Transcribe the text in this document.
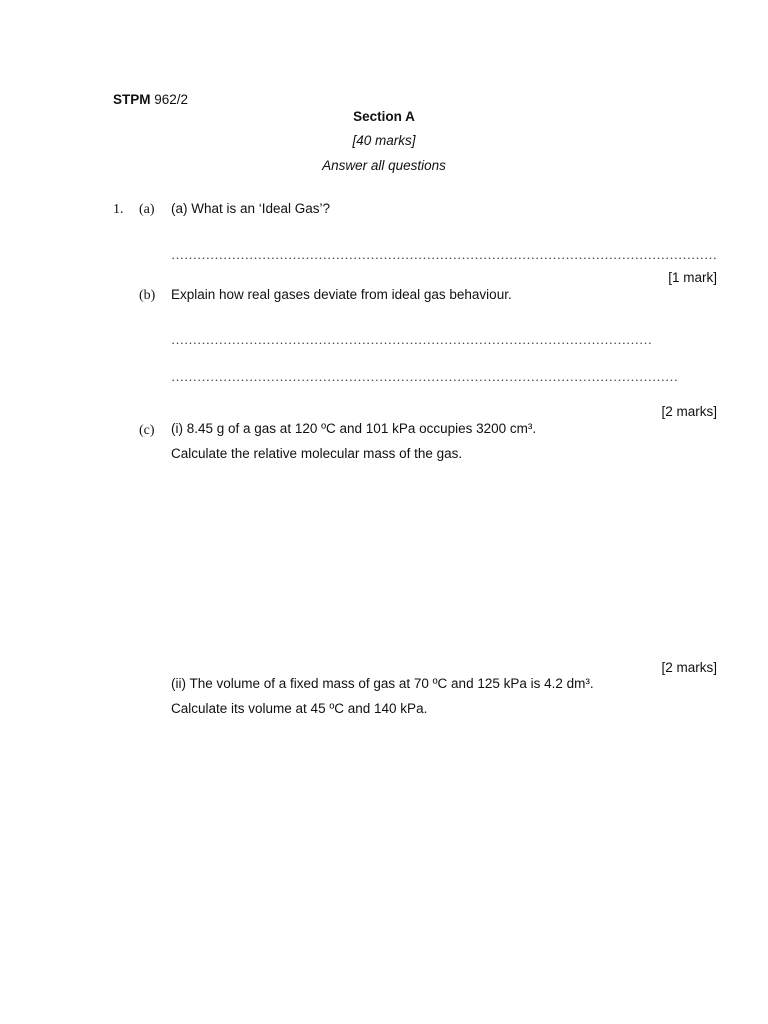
STPM 962/2
Section A
[40 marks]
Answer all questions
1. (a) (a) What is an ‘Ideal Gas’?
………………………………………………………………………………………………………………
[1 mark]
(b) Explain how real gases deviate from ideal gas behaviour.
…………………………………………………………………………………………………
………………………………………………………………………………………………………
[2 marks]
(c) (i) 8.45 g of a gas at 120 ºC and 101 kPa occupies 3200 cm³.
Calculate the relative molecular mass of the gas.
[2 marks]
(ii) The volume of a fixed mass of gas at 70 ºC and 125 kPa is 4.2 dm³.
Calculate its volume at 45 ºC and 140 kPa.
